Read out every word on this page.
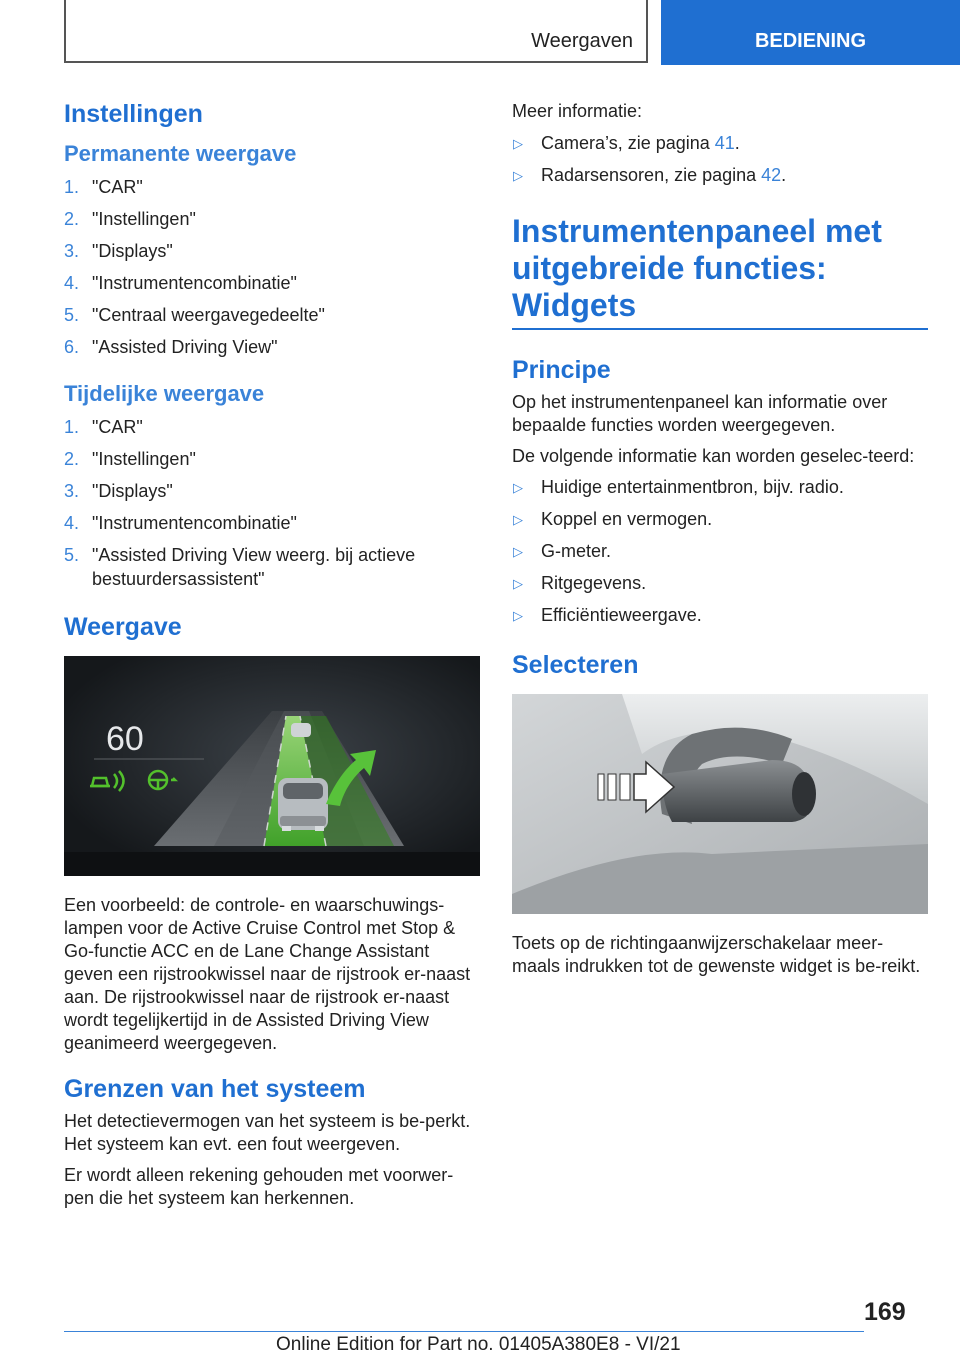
Weergaven	BEDIENING
Instellingen
Permanente weergave
1. "CAR"
2. "Instellingen"
3. "Displays"
4. "Instrumentencombinatie"
5. "Centraal weergavegedeelte"
6. "Assisted Driving View"
Tijdelijke weergave
1. "CAR"
2. "Instellingen"
3. "Displays"
4. "Instrumentencombinatie"
5. "Assisted Driving View weerg. bij actieve bestuurdersassistent"
Weergave
60

Een voorbeeld: de controle- en waarschuwings-lampen voor de Active Cruise Control met Stop & Go-functie ACC en de Lane Change Assistant geven een rijstrookwissel naar de rijstrook er-naast aan. De rijstrookwissel naar de rijstrook er-naast wordt tegelijkertijd in de Assisted Driving View geanimeerd weergegeven.

Grenzen van het systeem

Het detectievermogen van het systeem is be-perkt. Het systeem kan evt. een fout weergeven.

Er wordt alleen rekening gehouden met voorwer-pen die het systeem kan herkennen.

Meer informatie:

▷ Camera’s, zie pagina 41.
▷ Radarsensoren, zie pagina 42.
Instrumentenpaneel met uitgebreide functies: Widgets
Principe

Op het instrumentenpaneel kan informatie over bepaalde functies worden weergegeven.

De volgende informatie kan worden geselec-teerd:

▷ Huidige entertainmentbron, bijv. radio.
▷ Koppel en vermogen.
▷ G-meter.
▷ Ritgegevens.
▷ Efficiëntieweergave.
Selecteren

Toets op de richtingaanwijzerschakelaar meer-maals indrukken tot de gewenste widget is be-reikt.

169
Online Edition for Part no. 01405A380E8 - VI/21
